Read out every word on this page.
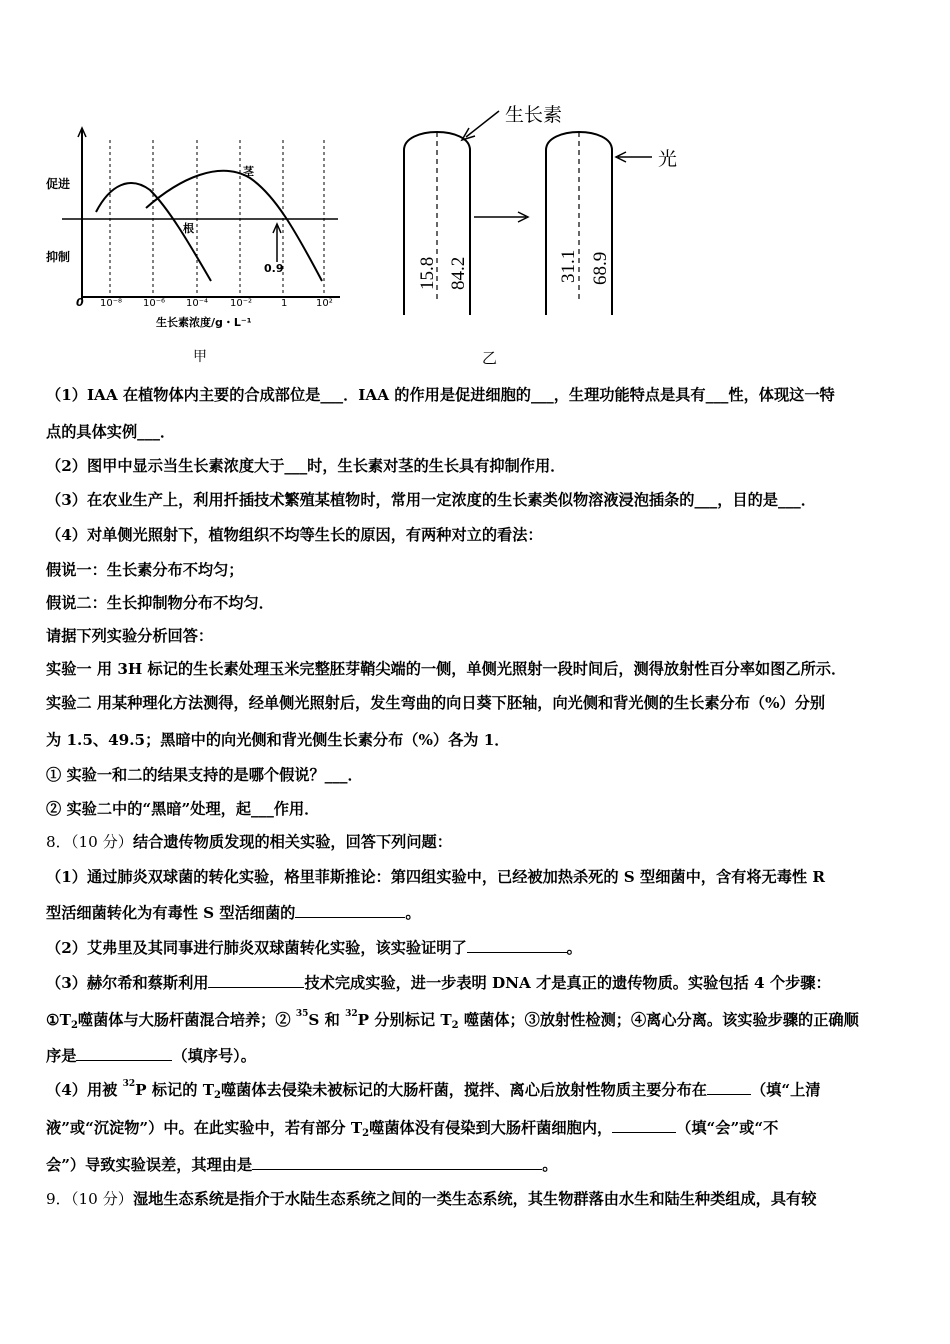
促进
抑制
茎
根
0.9
0 10⁻⁸ 10⁻⁶ 10⁻⁴ 10⁻²	1	10²
生长素浓度/g・L⁻¹
甲
生长素
光
15.8 84.2	31.1 68.9
乙
（1）IAA 在植物体内主要的合成部位是___．IAA 的作用是促进细胞的___，生理功能特点是具有___性，体现这一特
点的具体实例___．
（2）图甲中显示当生长素浓度大于___时，生长素对茎的生长具有抑制作用．
（3）在农业生产上，利用扦插技术繁殖某植物时，常用一定浓度的生长素类似物溶液浸泡插条的___，目的是___．
（4）对单侧光照射下，植物组织不均等生长的原因，有两种对立的看法：
假说一：生长素分布不均匀；
假说二：生长抑制物分布不均匀．
请据下列实验分析回答：
实验一 用 3H 标记的生长素处理玉米完整胚芽鞘尖端的一侧，单侧光照射一段时间后，测得放射性百分率如图乙所示．
实验二 用某种理化方法测得，经单侧光照射后，发生弯曲的向日葵下胚轴，向光侧和背光侧的生长素分布（%）分别
为 1.5、49.5；黑暗中的向光侧和背光侧生长素分布（%）各为 1．
① 实验一和二的结果支持的是哪个假说？___．
② 实验二中的“黑暗”处理，起___作用．
8．（10 分）结合遗传物质发现的相关实验，回答下列问题：
（1）通过肺炎双球菌的转化实验，格里菲斯推论：第四组实验中，已经被加热杀死的 S 型细菌中，含有将无毒性 R
型活细菌转化为有毒性 S 型活细菌的	。
（2）艾弗里及其同事进行肺炎双球菌转化实验，该实验证明了	。
（3）赫尔希和蔡斯利用	技术完成实验，进一步表明 DNA 才是真正的遗传物质。实验包括 4 个步骤：
$①T_2$噬菌体与大肠杆菌混合培养；② $^{35}$S 和 $^{32}$P 分别标记 $T_2$ 噬菌体；③放射性检测；④离心分离。该实验步骤的正确顺
序是	（填序号）。
（4）用被 $^{32}$P 标记的 $T_2$噬菌体去侵染未被标记的大肠杆菌，搅拌、离心后放射性物质主要分布在	（填“上清
液”或“沉淀物”）中。在此实验中，若有部分 $T_2$噬菌体没有侵染到大肠杆菌细胞内，	（填“会”或“不
会”）导致实验误差，其理由是	。
9．（10 分）湿地生态系统是指介于水陆生态系统之间的一类生态系统，其生物群落由水生和陆生种类组成，具有较
